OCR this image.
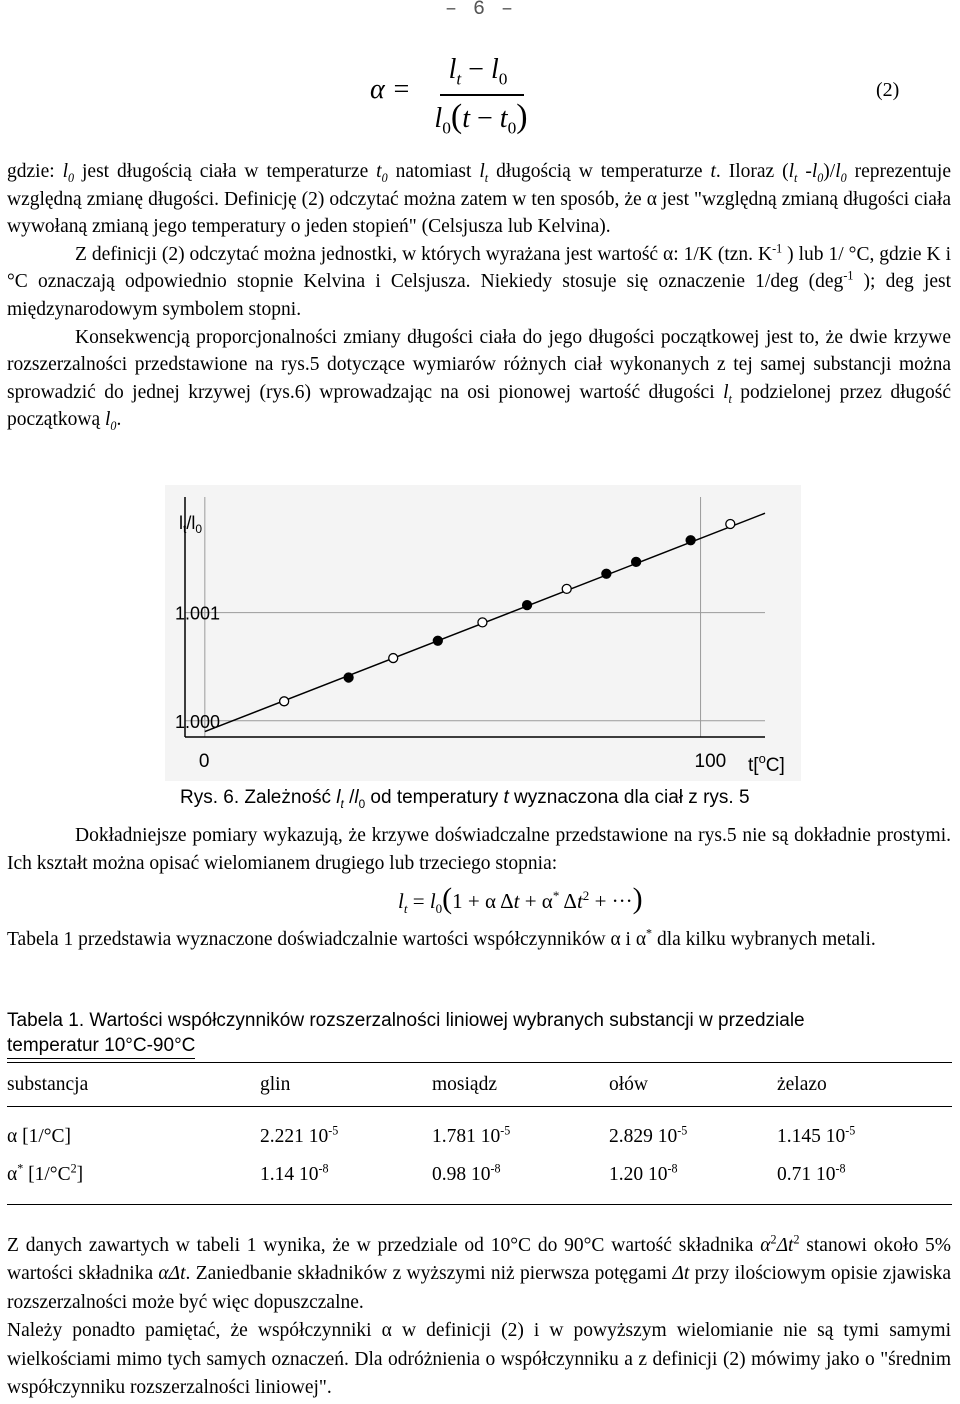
– 6 –
α =
$l_t - l_0$
$l_0(t - t_0)$
(2)

gdzie: $l_0$ jest długością ciała w temperaturze $t_0$ natomiast $l_t$ długością w temperaturze t. Iloraz ($l_t$ $-l_0)/l_0$ reprezentuje względną zmianę długości. Definicję (2) odczytać można zatem w ten sposób, że α jest "względną zmianą długości ciała wywołaną zmianą jego temperatury o jeden stopień" (Celsjusza lub Kelvina).

Z definicji (2) odczytać można jednostki, w których wyrażana jest wartość α: 1/K (tzn. $K^{-1}$ ) lub 1/ °C, gdzie K i °C oznaczają odpowiednio stopnie Kelvina i Celsjusza. Niekiedy stosuje się oznaczenie 1/deg (deg$^{-1}$ ); deg jest międzynarodowym symbolem stopni.

Konsekwencją proporcjonalności zmiany długości ciała do jego długości początkowej jest to, że dwie krzywe rozszerzalności przedstawione na rys.5 dotyczące wymiarów różnych ciał wykonanych z tej samej substancji można sprowadzić do jednej krzywej (rys.6) wprowadzając na osi pionowej wartość długości $l_t$ podzielonej przez długość początkową $l_0$.

0	100
1.000
1.001
$l_t/l_0$
t[$^o$C]
Rys. 6. Zależność $l_t$ $/l_0$ od temperatury t wyznaczona dla ciał z rys. 5

Dokładniejsze pomiary wykazują, że krzywe doświadczalne przedstawione na rys.5 nie są dokładnie prostymi. Ich kształt można opisać wielomianem drugiego lub trzeciego stopnia:

$l_t = l_0(1 + \alpha$ Δt + α* $\Delta t^2$ + ···)

Tabela 1 przedstawia wyznaczone doświadczalnie wartości współczynników α i α* dla kilku wybranych metali.

Tabela 1. Wartości współczynników rozszerzalności liniowej wybranych substancji w przedziale
temperatur 10°C-90°C
substancja	glin	mosiądz	ołów	żelazo

α [1/°C]	2.221 $10^{-5}$	1.781 $10^{-5}$	2.829 $10^{-5}$	1.145 $10^{-5}$
α* $[1/^\circ C^2]$	1.14 $10^{-8}$	0.98 $10^{-8}$	1.20 $10^{-8}$	0.71 $10^{-8}$

Z danych zawartych w tabeli 1 wynika, że w przedziale od 10°C do 90°C wartość składnika $\alpha^2\Delta t^2$ stanowi około 5% wartości składnika αΔt. Zaniedbanie składników z wyższymi niż pierwsza potęgami Δt przy ilościowym opisie zjawiska rozszerzalności może być więc dopuszczalne.

Należy ponadto pamiętać, że współczynniki α w definicji (2) i w powyższym wielomianie nie są tymi samymi wielkościami mimo tych samych oznaczeń. Dla odróżnienia o współczynniku a z definicji (2) mówimy jako o "średnim współczynniku rozszerzalności liniowej".
